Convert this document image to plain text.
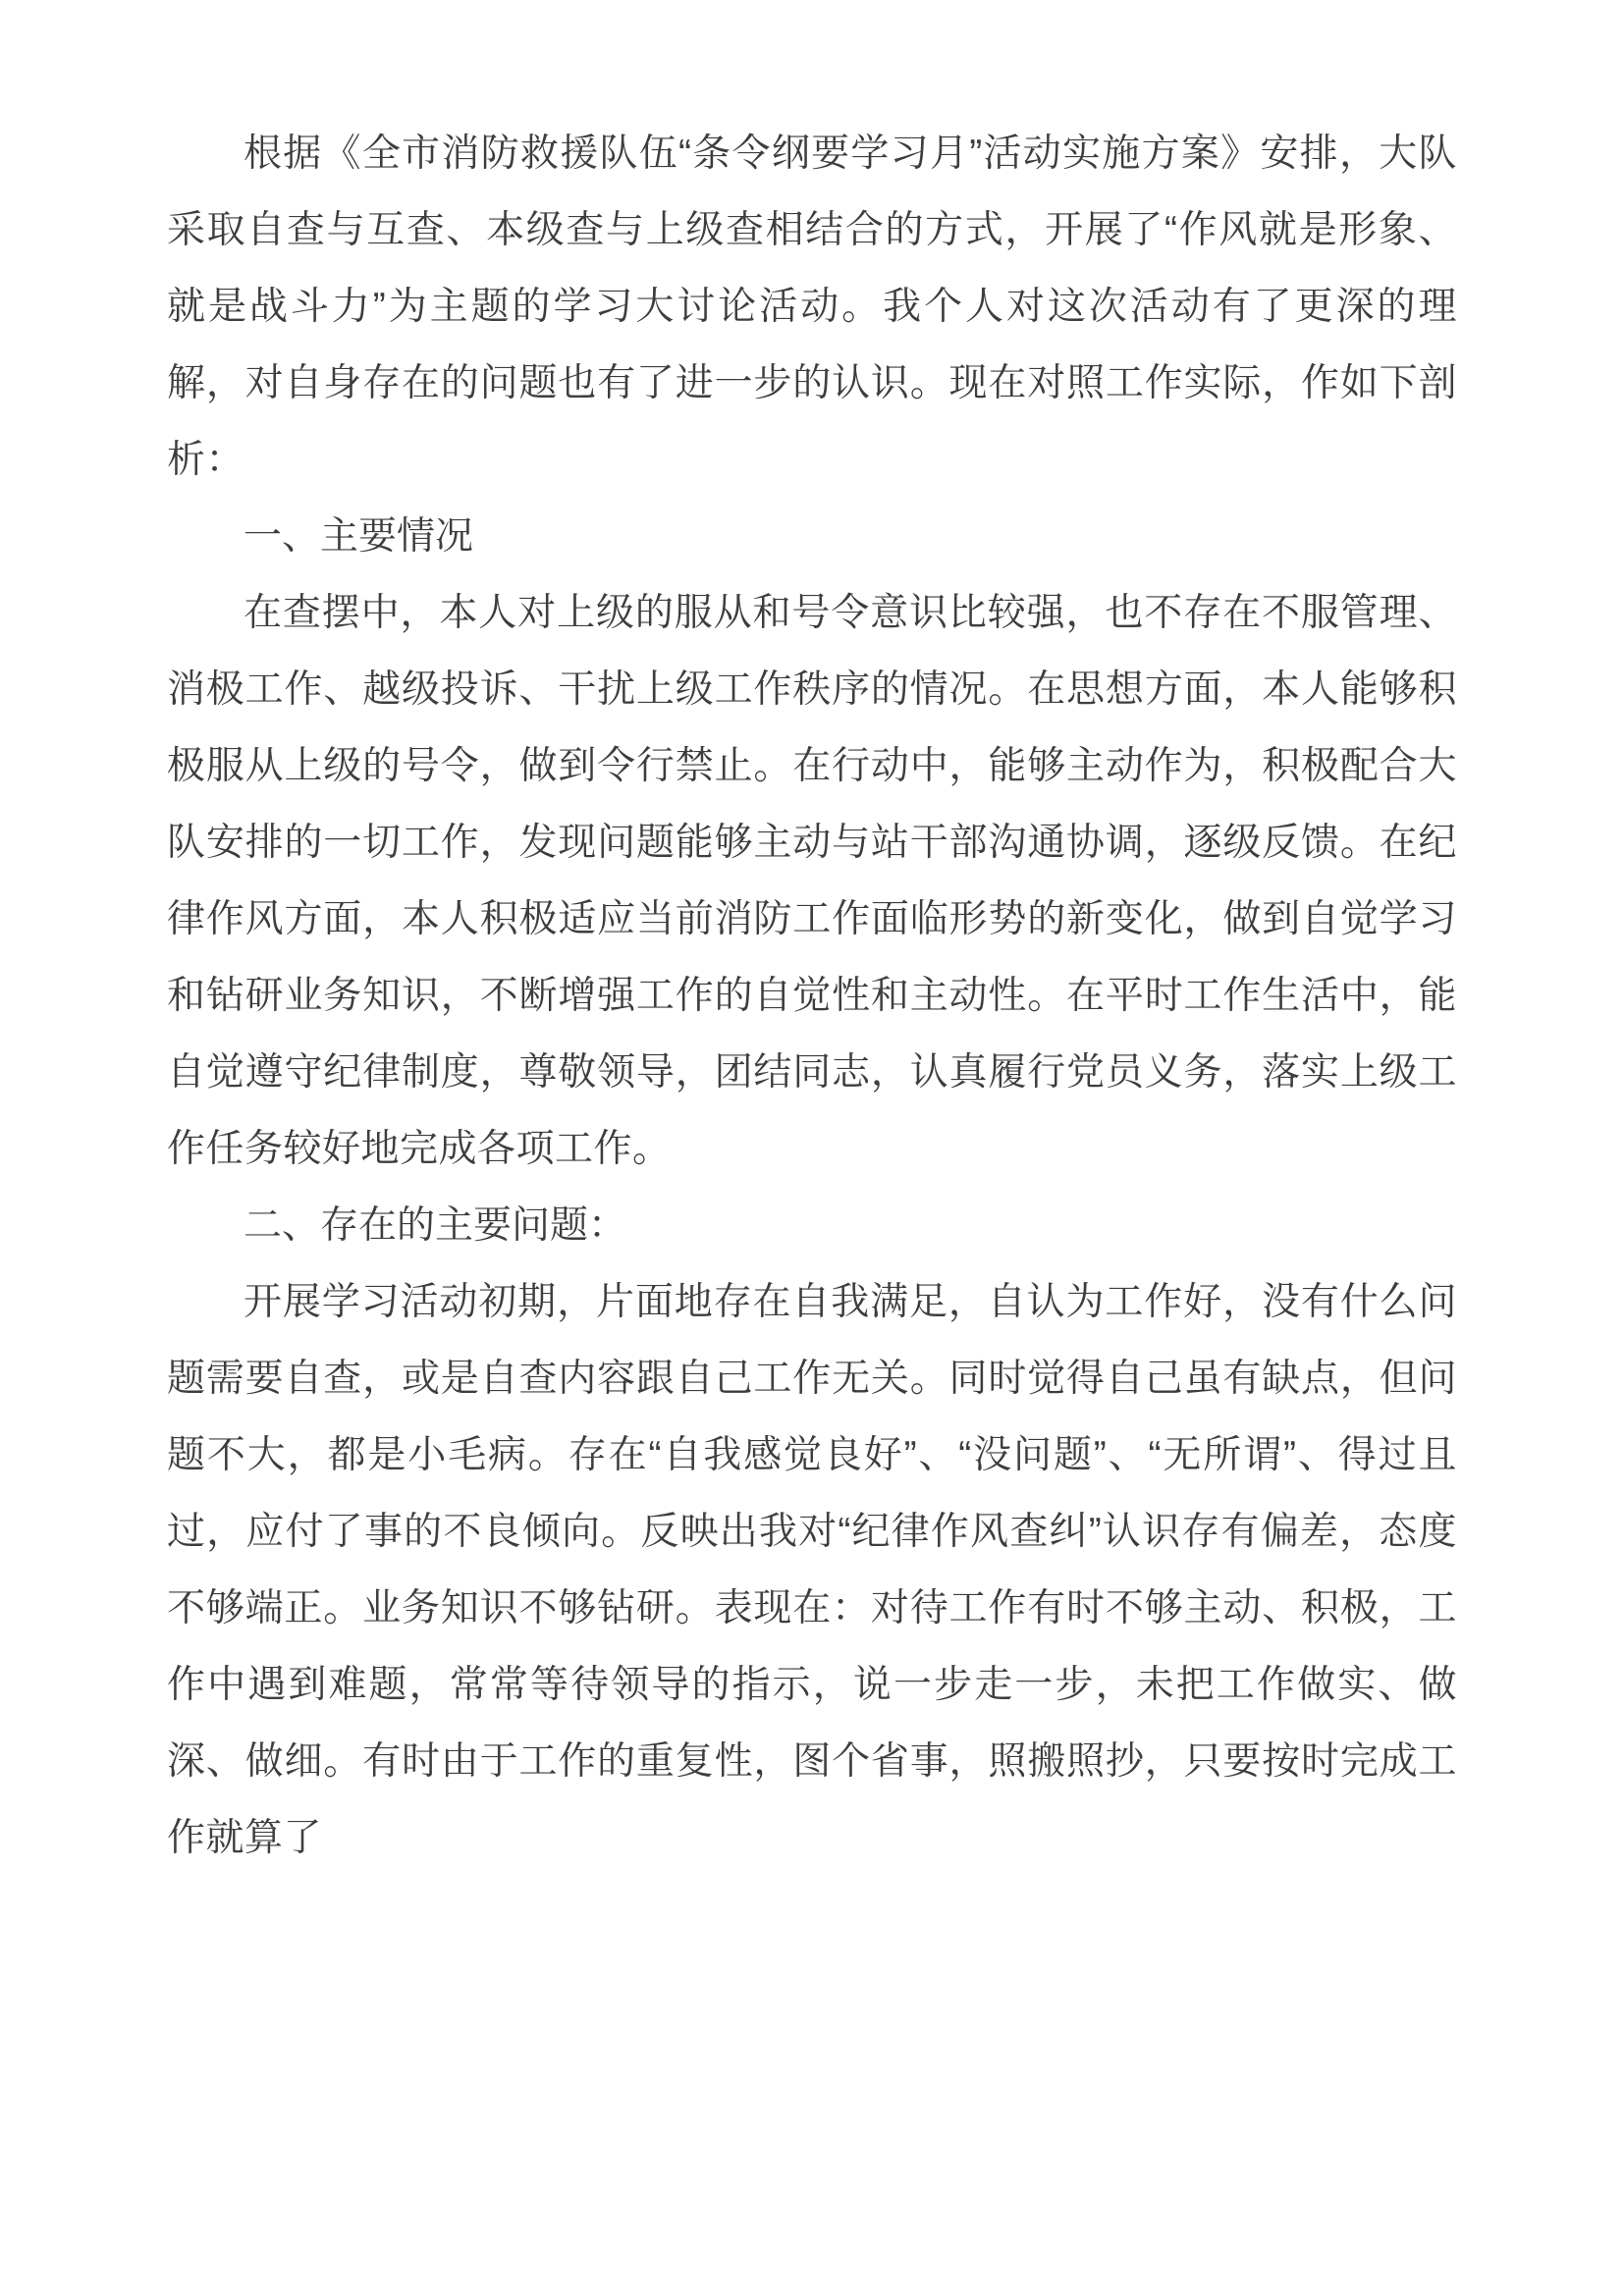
根据《全市消防救援队伍“条令纲要学习月”活动实施方案》安排，大队采取自查与互查、本级查与上级查相结合的方式，开展了“作风就是形象、就是战斗力”为主题的学习大讨论活动。我个人对这次活动有了更深的理解，对自身存在的问题也有了进一步的认识。现在对照工作实际，作如下剖析：

一、主要情况

在查摆中，本人对上级的服从和号令意识比较强，也不存在不服管理、消极工作、越级投诉、干扰上级工作秩序的情况。在思想方面，本人能够积极服从上级的号令，做到令行禁止。在行动中，能够主动作为，积极配合大队安排的一切工作，发现问题能够主动与站干部沟通协调，逐级反馈。在纪律作风方面，本人积极适应当前消防工作面临形势的新变化，做到自觉学习和钻研业务知识，不断增强工作的自觉性和主动性。在平时工作生活中，能自觉遵守纪律制度，尊敬领导，团结同志，认真履行党员义务，落实上级工作任务较好地完成各项工作。

二、存在的主要问题：

开展学习活动初期，片面地存在自我满足，自认为工作好，没有什么问题需要自查，或是自查内容跟自己工作无关。同时觉得自己虽有缺点，但问题不大，都是小毛病。存在“自我感觉良好”、“没问题”、“无所谓”、得过且过，应付了事的不良倾向。反映出我对“纪律作风查纠”认识存有偏差，态度不够端正。业务知识不够钻研。表现在：对待工作有时不够主动、积极，工作中遇到难题，常常等待领导的指示，说一步走一步，未把工作做实、做深、做细。有时由于工作的重复性，图个省事，照搬照抄，只要按时完成工作就算了
